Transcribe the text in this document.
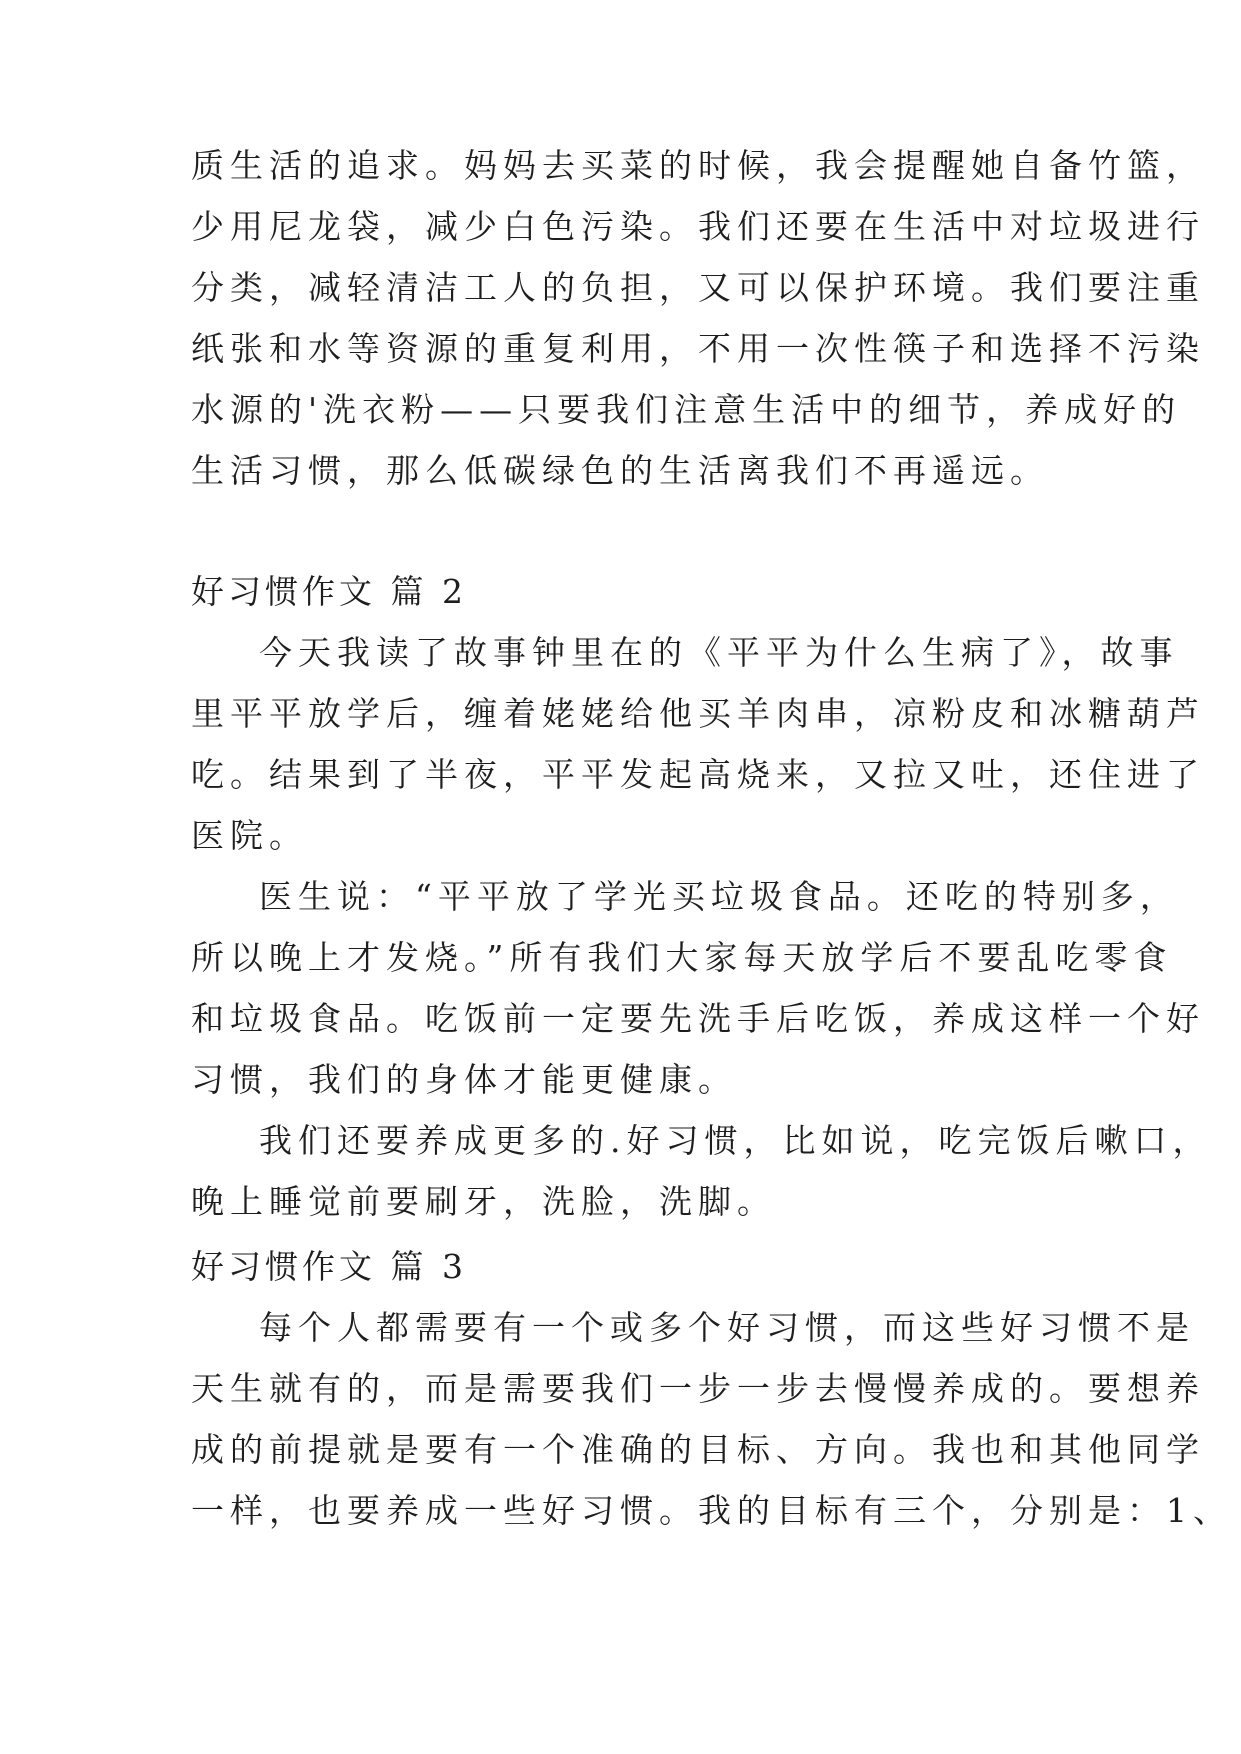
质生活的追求。妈妈去买菜的时候，我会提醒她自备竹篮，
少用尼龙袋，减少白色污染。我们还要在生活中对垃圾进行
分类，减轻清洁工人的负担，又可以保护环境。我们要注重
纸张和水等资源的重复利用，不用一次性筷子和选择不污染
水源的'洗衣粉——只要我们注意生活中的细节，养成好的
生活习惯，那么低碳绿色的生活离我们不再遥远。
好习惯作文 篇 2
今天我读了故事钟里在的《平平为什么生病了》，故事
里平平放学后，缠着姥姥给他买羊肉串，凉粉皮和冰糖葫芦
吃。结果到了半夜，平平发起高烧来，又拉又吐，还住进了
医院。
医生说：“平平放了学光买垃圾食品。还吃的特别多，
所以晚上才发烧。”所有我们大家每天放学后不要乱吃零食
和垃圾食品。吃饭前一定要先洗手后吃饭，养成这样一个好
习惯，我们的身体才能更健康。
我们还要养成更多的.好习惯，比如说，吃完饭后嗽口，
晚上睡觉前要刷牙，洗脸，洗脚。
好习惯作文 篇 3
每个人都需要有一个或多个好习惯，而这些好习惯不是
天生就有的，而是需要我们一步一步去慢慢养成的。要想养
成的前提就是要有一个准确的目标、方向。我也和其他同学
一样，也要养成一些好习惯。我的目标有三个，分别是：1、
